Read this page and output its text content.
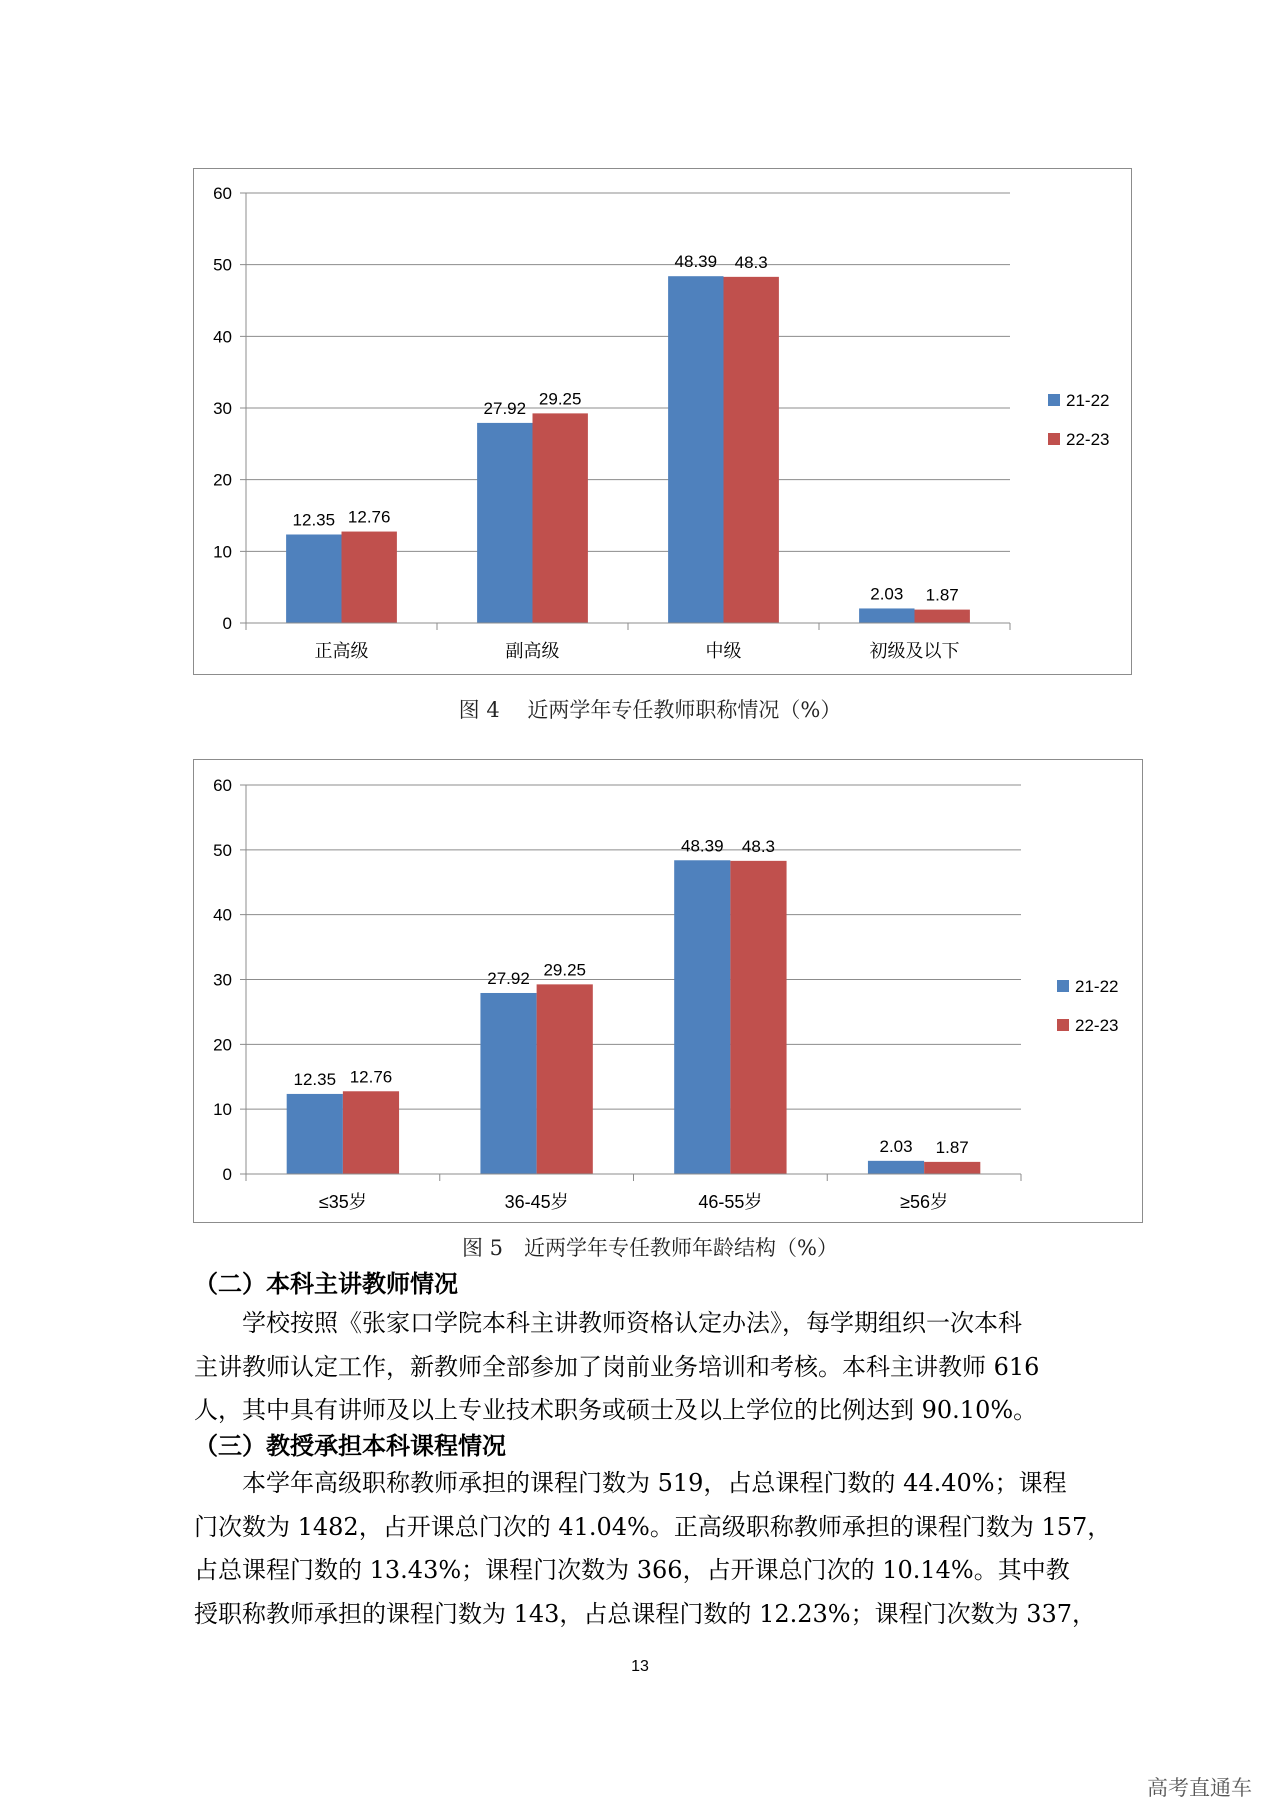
0
10
20
30
40
50
60
12.35 12.76
正高级
27.92
29.25
副高级
48.39 48.3
中级
2.03 1.87
初级及以下
21-22
22-23
图 4　 近两学年专任教师职称情况（%）
0
10
20
30
40
50
60
12.35 12.76
≤35岁
27.92 29.25
36-45岁
48.39 48.3
46-55岁
2.03 1.87
≥56岁
21-22
22-23
图 5　近两学年专任教师年龄结构（%）
（二）本科主讲教师情况
学校按照《张家口学院本科主讲教师资格认定办法》，每学期组织一次本科
主讲教师认定工作，新教师全部参加了岗前业务培训和考核。本科主讲教师 616
人，其中具有讲师及以上专业技术职务或硕士及以上学位的比例达到 90.10%。
（三）教授承担本科课程情况
本学年高级职称教师承担的课程门数为 519，占总课程门数的 44.40%；课程
门次数为 1482，占开课总门次的 41.04%。正高级职称教师承担的课程门数为 157，
占总课程门数的 13.43%；课程门次数为 366，占开课总门次的 10.14%。其中教
授职称教师承担的课程门数为 143，占总课程门数的 12.23%；课程门次数为 337，
13
高考直通车
